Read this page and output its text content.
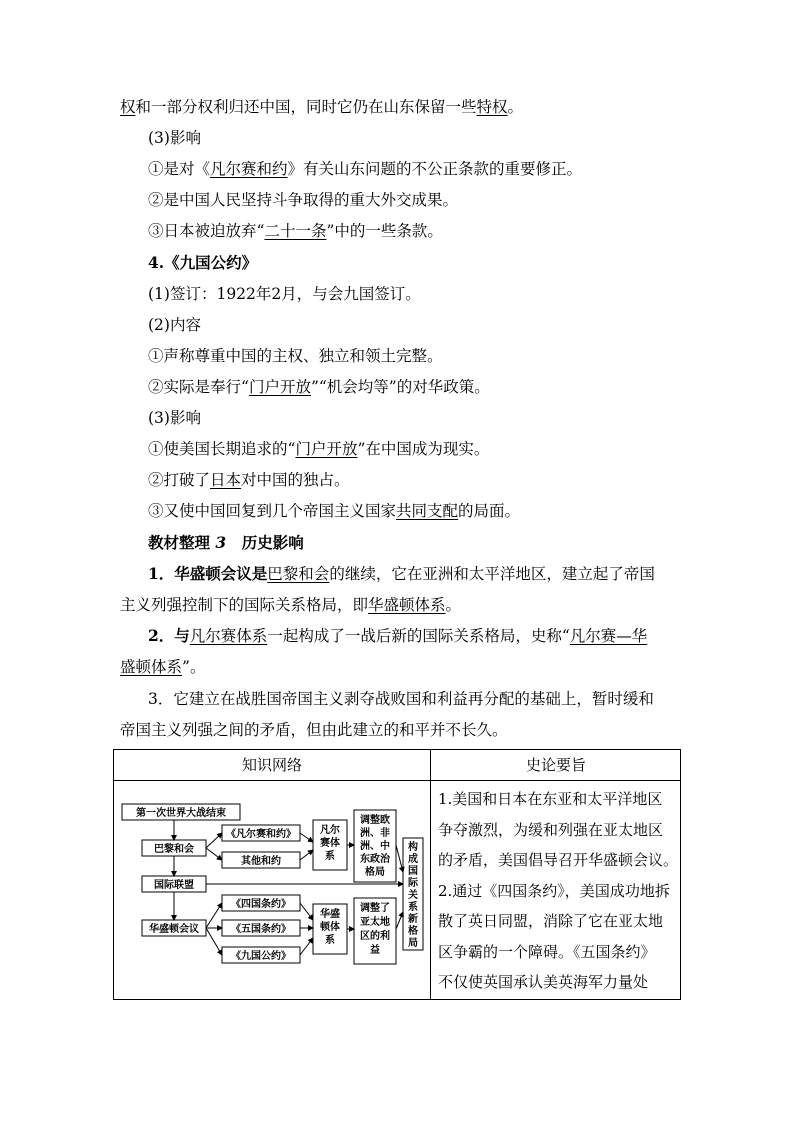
权和一部分权利归还中国，同时它仍在山东保留一些特权。
(3)影响
①是对《凡尔赛和约》有关山东问题的不公正条款的重要修正。
②是中国人民坚持斗争取得的重大外交成果。
③日本被迫放弃“二十一条”中的一些条款。
4.《九国公约》
(1)签订：1922年2月，与会九国签订。
(2)内容
①声称尊重中国的主权、独立和领土完整。
②实际是奉行“门户开放”“机会均等”的对华政策。
(3)影响
①使美国长期追求的“门户开放”在中国成为现实。
②打破了日本对中国的独占。
③又使中国回复到几个帝国主义国家共同支配的局面。
教材整理 3　历史影响
1．华盛顿会议是巴黎和会的继续，它在亚洲和太平洋地区，建立起了帝国
主义列强控制下的国际关系格局，即华盛顿体系。
2．与凡尔赛体系一起构成了一战后新的国际关系格局，史称“凡尔赛—华
盛顿体系”。
3．它建立在战胜国帝国主义剥夺战败国和利益再分配的基础上，暂时缓和
帝国主义列强之间的矛盾，但由此建立的和平并不长久。
知识网络	史论要旨

1.美国和日本在东亚和太平洋地区

争夺激烈，为缓和列强在亚太地区

的矛盾，美国倡导召开华盛顿会议。

2.通过《四国条约》，美国成功地拆

散了英日同盟，消除了它在亚太地

区争霸的一个障碍。《五国条约》

不仅使英国承认美英海军力量处

第一次世界大战结束
巴黎和会
《凡尔赛和约》
其他和约
凡尔
赛体
系
调整欧
洲、非
洲、中
东政治
格局
国际联盟
华盛顿会议
《四国条约》
《五国条约》
《九国公约》
华盛
顿体
系
调整了
亚太地
区的利
益
构
成
国
际
关
系
新
格
局
